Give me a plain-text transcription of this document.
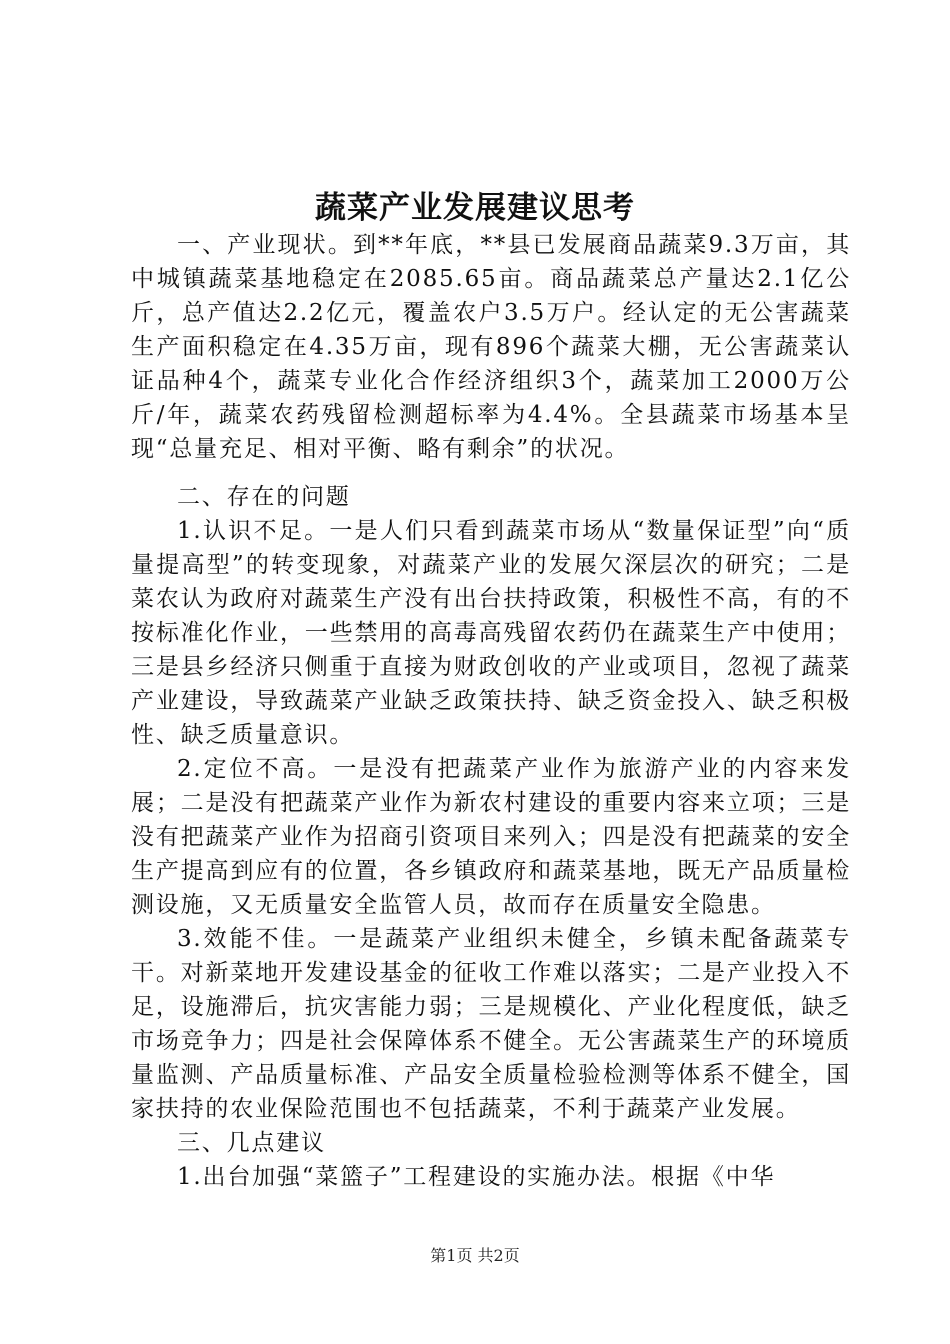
蔬菜产业发展建议思考

一、产业现状。到**年底，**县已发展商品蔬菜9.3万亩，其中城镇蔬菜基地稳定在2085.65亩。商品蔬菜总产量达2.1亿公斤，总产值达2.2亿元，覆盖农户3.5万户。经认定的无公害蔬菜生产面积稳定在4.35万亩，现有896个蔬菜大棚，无公害蔬菜认证品种4个，蔬菜专业化合作经济组织3个，蔬菜加工2000万公斤/年，蔬菜农药残留检测超标率为4.4%。全县蔬菜市场基本呈现“总量充足、相对平衡、略有剩余”的状况。

二、存在的问题

1.认识不足。一是人们只看到蔬菜市场从“数量保证型”向“质量提高型”的转变现象，对蔬菜产业的发展欠深层次的研究；二是菜农认为政府对蔬菜生产没有出台扶持政策，积极性不高，有的不按标准化作业，一些禁用的高毒高残留农药仍在蔬菜生产中使用；三是县乡经济只侧重于直接为财政创收的产业或项目，忽视了蔬菜产业建设，导致蔬菜产业缺乏政策扶持、缺乏资金投入、缺乏积极性、缺乏质量意识。

2.定位不高。一是没有把蔬菜产业作为旅游产业的内容来发展；二是没有把蔬菜产业作为新农村建设的重要内容来立项；三是没有把蔬菜产业作为招商引资项目来列入；四是没有把蔬菜的安全生产提高到应有的位置，各乡镇政府和蔬菜基地，既无产品质量检测设施，又无质量安全监管人员，故而存在质量安全隐患。

3.效能不佳。一是蔬菜产业组织未健全，乡镇未配备蔬菜专干。对新菜地开发建设基金的征收工作难以落实；二是产业投入不足，设施滞后，抗灾害能力弱；三是规模化、产业化程度低，缺乏市场竞争力；四是社会保障体系不健全。无公害蔬菜生产的环境质量监测、产品质量标准、产品安全质量检验检测等体系不健全，国家扶持的农业保险范围也不包括蔬菜，不利于蔬菜产业发展。

三、几点建议

1.出台加强“菜篮子”工程建设的实施办法。根据《中华

第1页 共2页
